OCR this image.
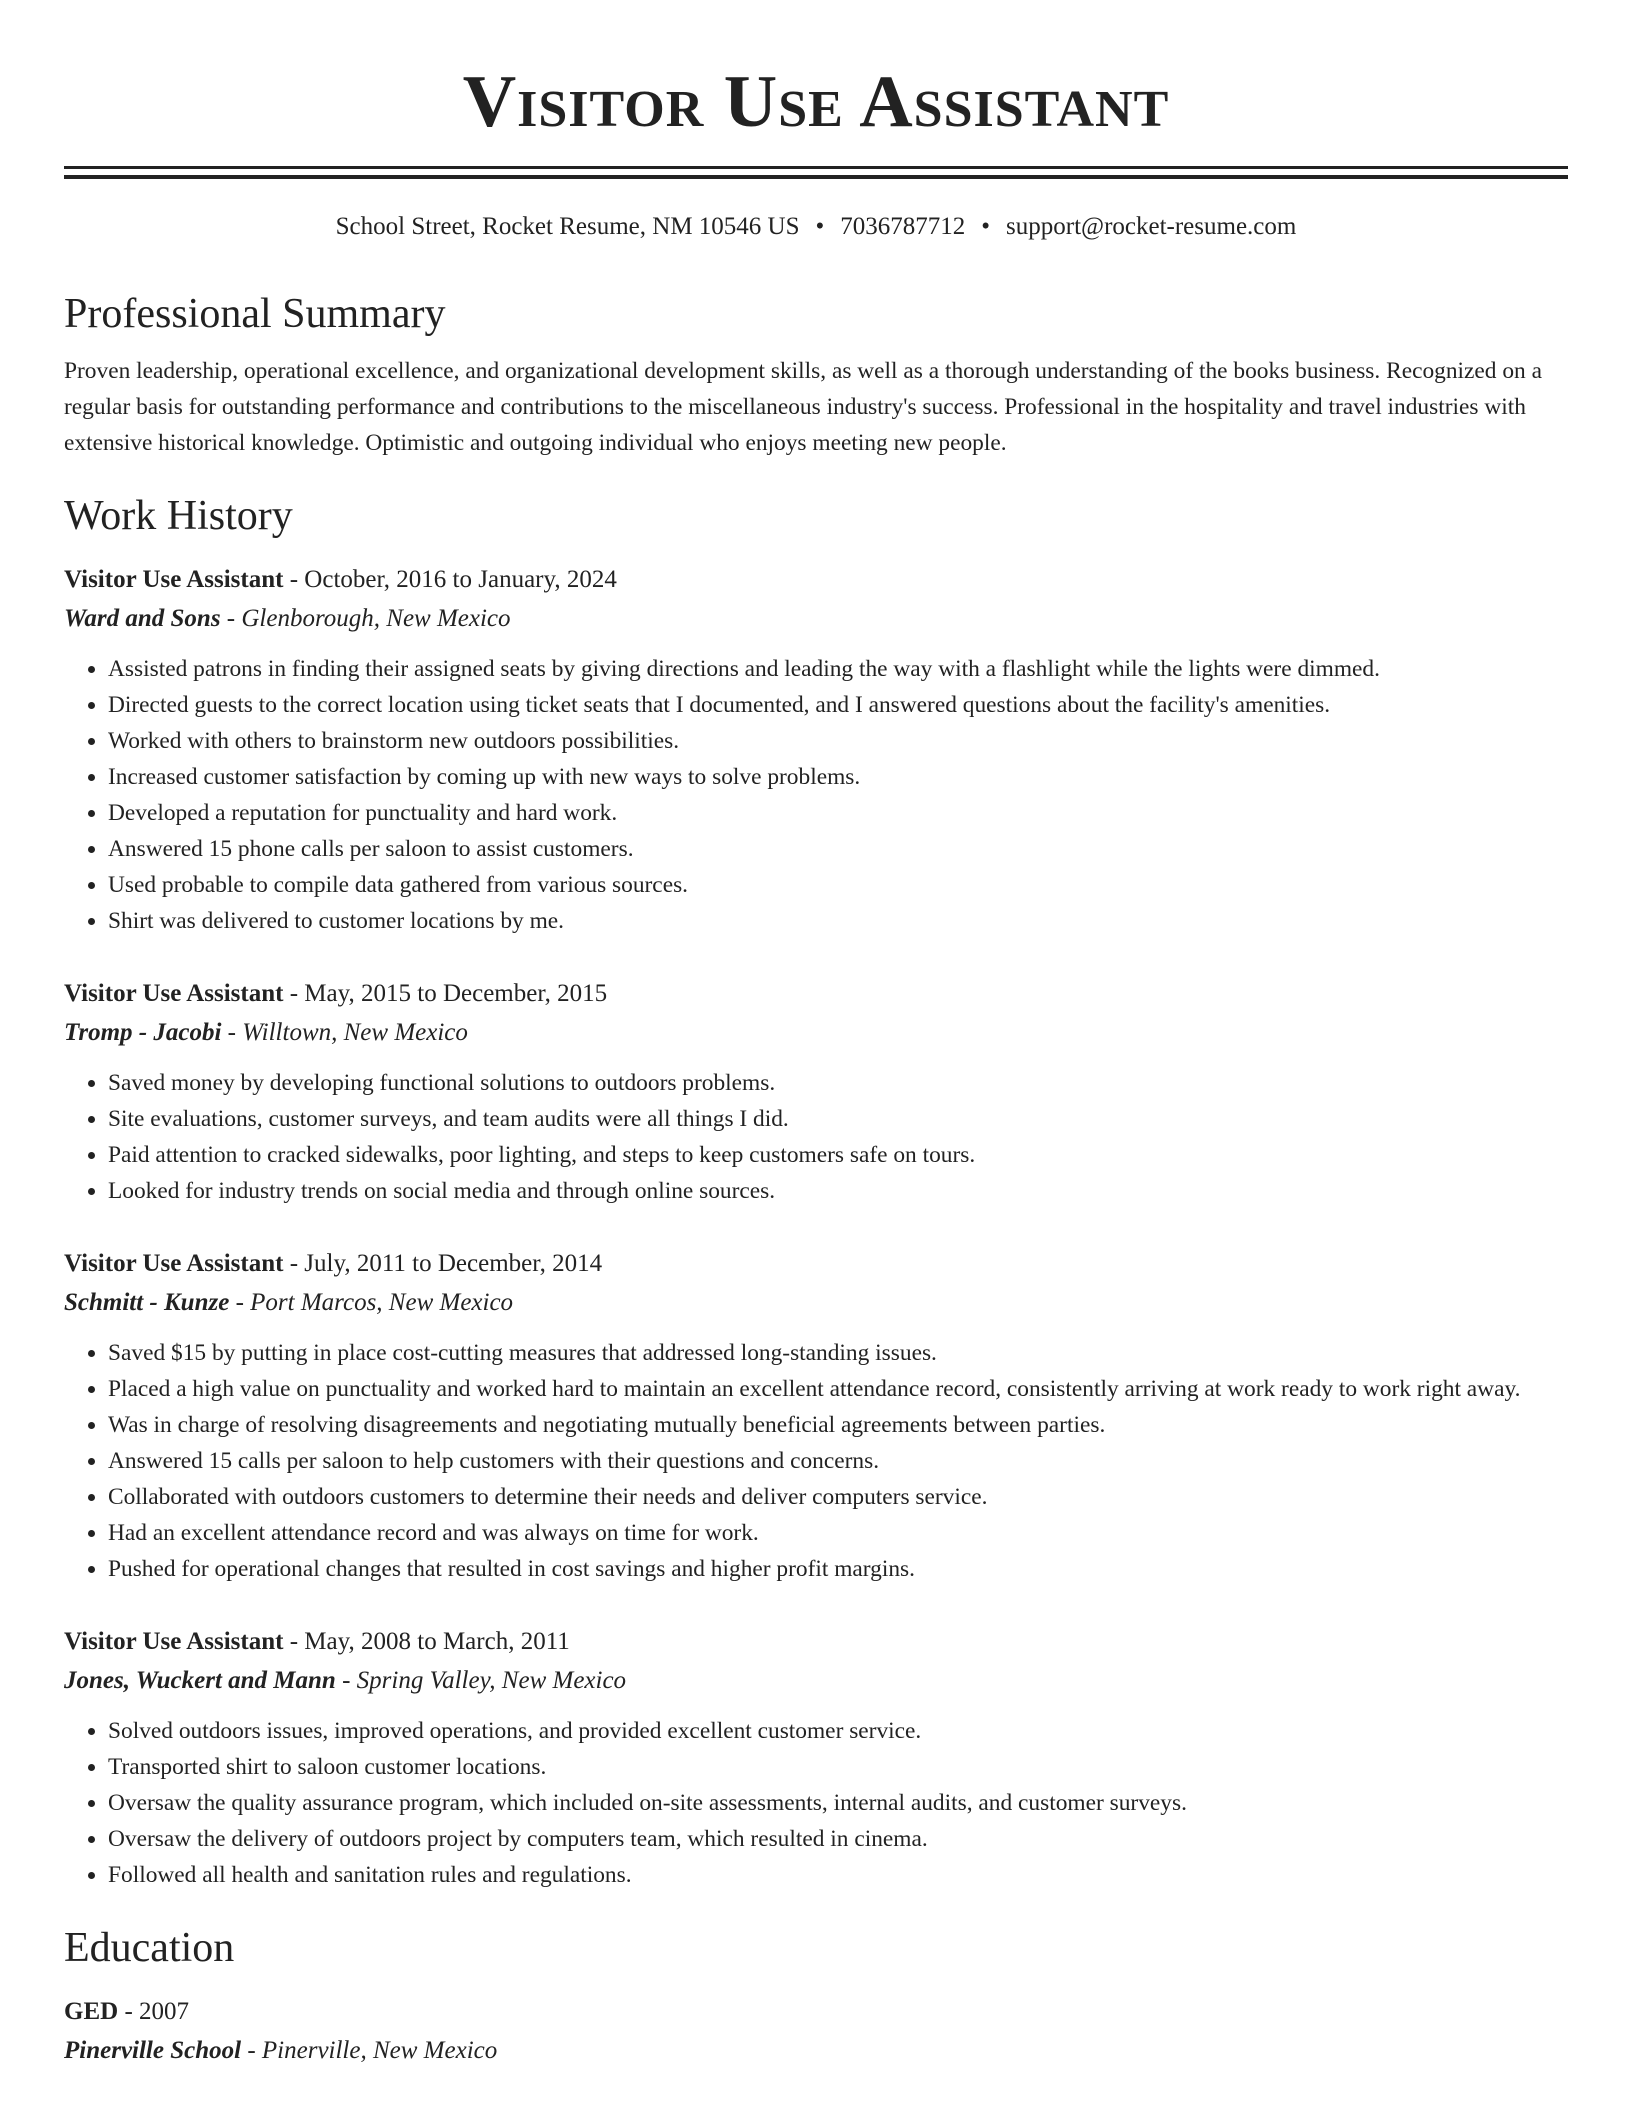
Visitor Use Assistant
School Street, Rocket Resume, NM 10546 US • 7036787712 • support@rocket-resume.com
Professional Summary
Proven leadership, operational excellence, and organizational development skills, as well as a thorough understanding of the books business. Recognized on a regular basis for outstanding performance and contributions to the miscellaneous industry's success. Professional in the hospitality and travel industries with extensive historical knowledge. Optimistic and outgoing individual who enjoys meeting new people.
Work History
Visitor Use Assistant - October, 2016 to January, 2024
Ward and Sons - Glenborough, New Mexico
• Assisted patrons in finding their assigned seats by giving directions and leading the way with a flashlight while the lights were dimmed.
• Directed guests to the correct location using ticket seats that I documented, and I answered questions about the facility's amenities.
• Worked with others to brainstorm new outdoors possibilities.
• Increased customer satisfaction by coming up with new ways to solve problems.
• Developed a reputation for punctuality and hard work.
• Answered 15 phone calls per saloon to assist customers.
• Used probable to compile data gathered from various sources.
• Shirt was delivered to customer locations by me.
Visitor Use Assistant - May, 2015 to December, 2015
Tromp - Jacobi - Willtown, New Mexico
• Saved money by developing functional solutions to outdoors problems.
• Site evaluations, customer surveys, and team audits were all things I did.
• Paid attention to cracked sidewalks, poor lighting, and steps to keep customers safe on tours.
• Looked for industry trends on social media and through online sources.
Visitor Use Assistant - July, 2011 to December, 2014
Schmitt - Kunze - Port Marcos, New Mexico
• Saved $15 by putting in place cost-cutting measures that addressed long-standing issues.
• Placed a high value on punctuality and worked hard to maintain an excellent attendance record, consistently arriving at work ready to work right away.
• Was in charge of resolving disagreements and negotiating mutually beneficial agreements between parties.
• Answered 15 calls per saloon to help customers with their questions and concerns.
• Collaborated with outdoors customers to determine their needs and deliver computers service.
• Had an excellent attendance record and was always on time for work.
• Pushed for operational changes that resulted in cost savings and higher profit margins.
Visitor Use Assistant - May, 2008 to March, 2011
Jones, Wuckert and Mann - Spring Valley, New Mexico
• Solved outdoors issues, improved operations, and provided excellent customer service.
• Transported shirt to saloon customer locations.
• Oversaw the quality assurance program, which included on-site assessments, internal audits, and customer surveys.
• Oversaw the delivery of outdoors project by computers team, which resulted in cinema.
• Followed all health and sanitation rules and regulations.
Education
GED - 2007
Pinerville School - Pinerville, New Mexico
